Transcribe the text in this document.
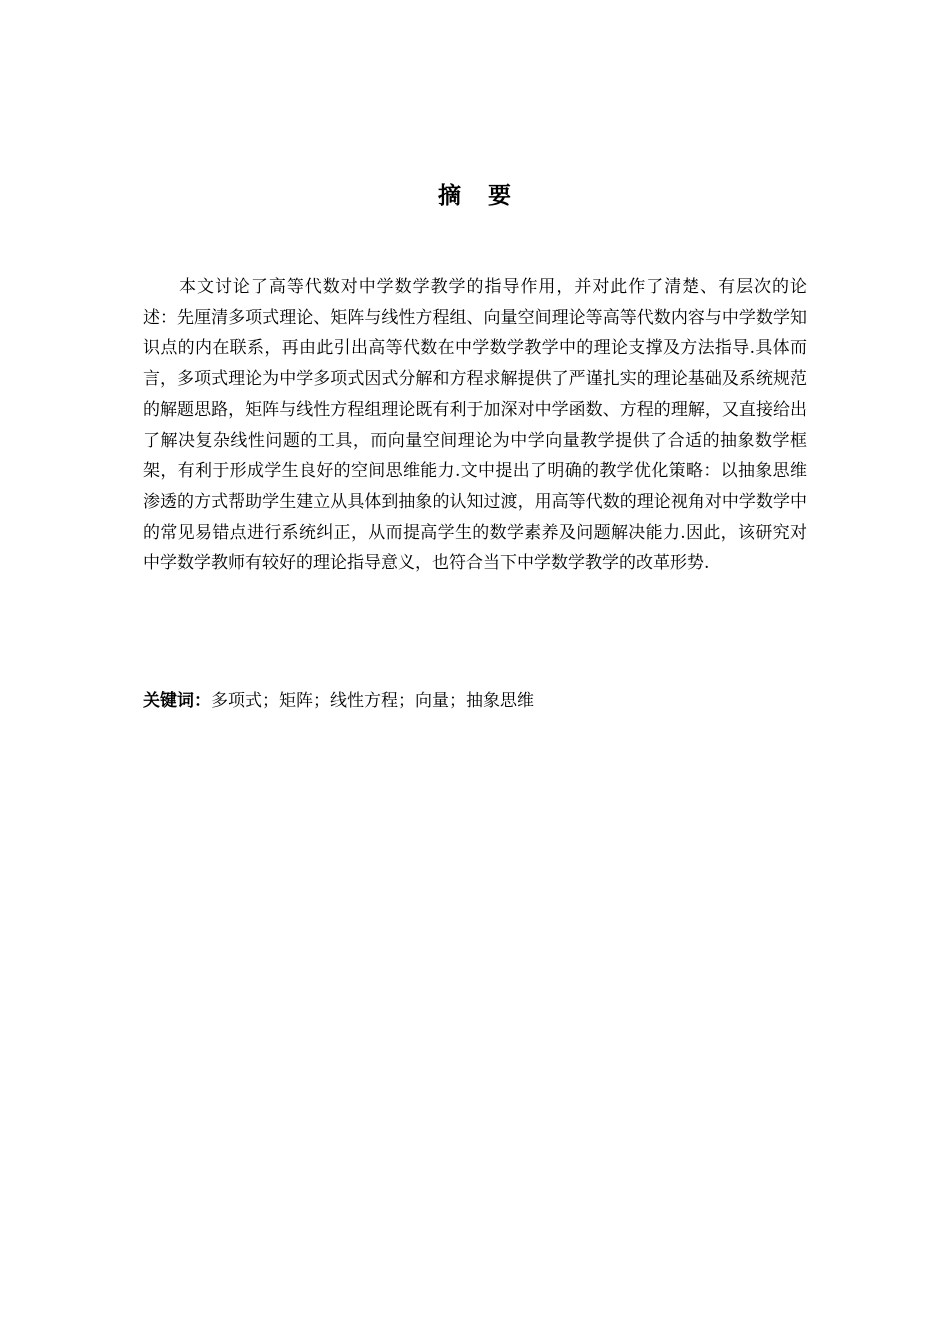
摘 要

本文讨论了高等代数对中学数学教学的指导作用，并对此作了清楚、有层次的论述：先厘清多项式理论、矩阵与线性方程组、向量空间理论等高等代数内容与中学数学知识点的内在联系，再由此引出高等代数在中学数学教学中的理论支撑及方法指导.具体而言，多项式理论为中学多项式因式分解和方程求解提供了严谨扎实的理论基础及系统规范的解题思路，矩阵与线性方程组理论既有利于加深对中学函数、方程的理解，又直接给出了解决复杂线性问题的工具，而向量空间理论为中学向量教学提供了合适的抽象数学框架，有利于形成学生良好的空间思维能力.文中提出了明确的教学优化策略：以抽象思维渗透的方式帮助学生建立从具体到抽象的认知过渡，用高等代数的理论视角对中学数学中的常见易错点进行系统纠正，从而提高学生的数学素养及问题解决能力.因此，该研究对中学数学教师有较好的理论指导意义，也符合当下中学数学教学的改革形势.

关键词：多项式；矩阵；线性方程；向量；抽象思维
